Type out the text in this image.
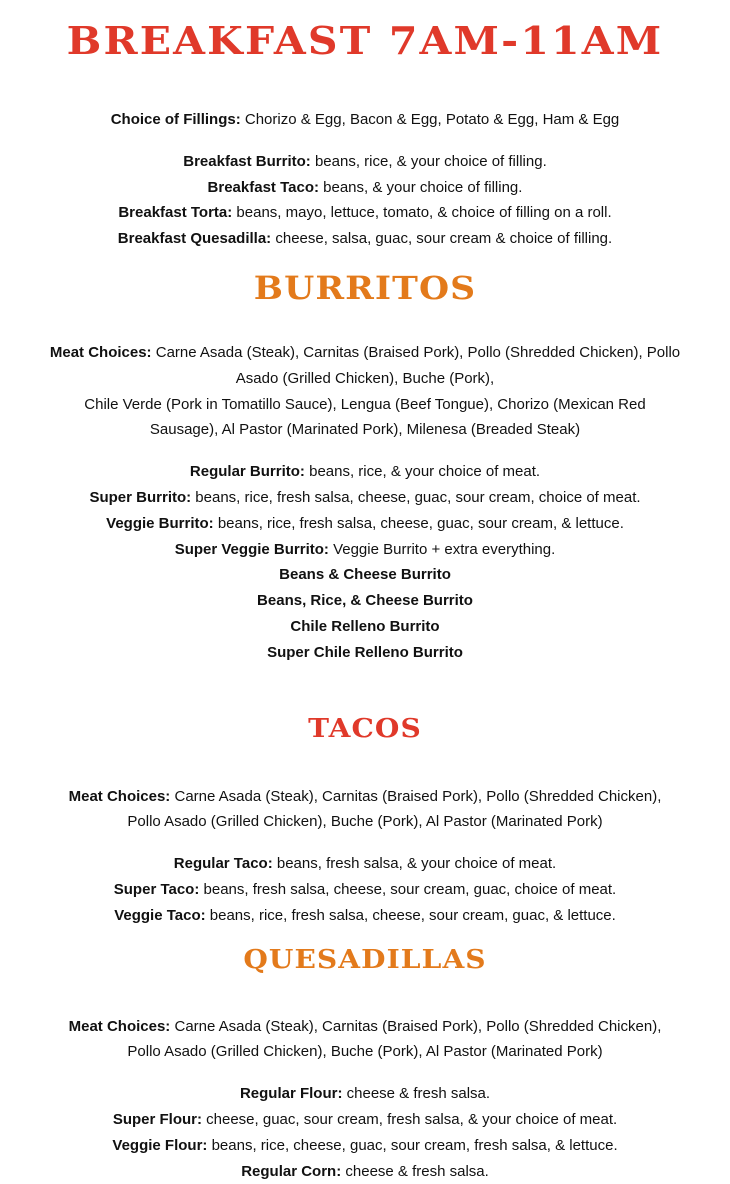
BREAKFAST 7AM-11AM

Choice of Fillings: Chorizo & Egg, Bacon & Egg, Potato & Egg, Ham & Egg

Breakfast Burrito: beans, rice, & your choice of filling.

Breakfast Taco: beans, & your choice of filling.

Breakfast Torta: beans, mayo, lettuce, tomato, & choice of filling on a roll.

Breakfast Quesadilla: cheese, salsa, guac, sour cream & choice of filling.

BURRITOS

Meat Choices: Carne Asada (Steak), Carnitas (Braised Pork), Pollo (Shredded Chicken), Pollo

Asado (Grilled Chicken), Buche (Pork),

Chile Verde (Pork in Tomatillo Sauce), Lengua (Beef Tongue), Chorizo (Mexican Red

Sausage), Al Pastor (Marinated Pork), Milenesa (Breaded Steak)

Regular Burrito: beans, rice, & your choice of meat.

Super Burrito: beans, rice, fresh salsa, cheese, guac, sour cream, choice of meat.

Veggie Burrito: beans, rice, fresh salsa, cheese, guac, sour cream, & lettuce.

Super Veggie Burrito: Veggie Burrito + extra everything.

Beans & Cheese Burrito

Beans, Rice, & Cheese Burrito

Chile Relleno Burrito

Super Chile Relleno Burrito

TACOS

Meat Choices: Carne Asada (Steak), Carnitas (Braised Pork), Pollo (Shredded Chicken),

Pollo Asado (Grilled Chicken), Buche (Pork), Al Pastor (Marinated Pork)

Regular Taco: beans, fresh salsa, & your choice of meat.

Super Taco: beans, fresh salsa, cheese, sour cream, guac, choice of meat.

Veggie Taco: beans, rice, fresh salsa, cheese, sour cream, guac, & lettuce.

QUESADILLAS

Meat Choices: Carne Asada (Steak), Carnitas (Braised Pork), Pollo (Shredded Chicken),

Pollo Asado (Grilled Chicken), Buche (Pork), Al Pastor (Marinated Pork)

Regular Flour: cheese & fresh salsa.

Super Flour: cheese, guac, sour cream, fresh salsa, & your choice of meat.

Veggie Flour: beans, rice, cheese, guac, sour cream, fresh salsa, & lettuce.

Regular Corn: cheese & fresh salsa.
